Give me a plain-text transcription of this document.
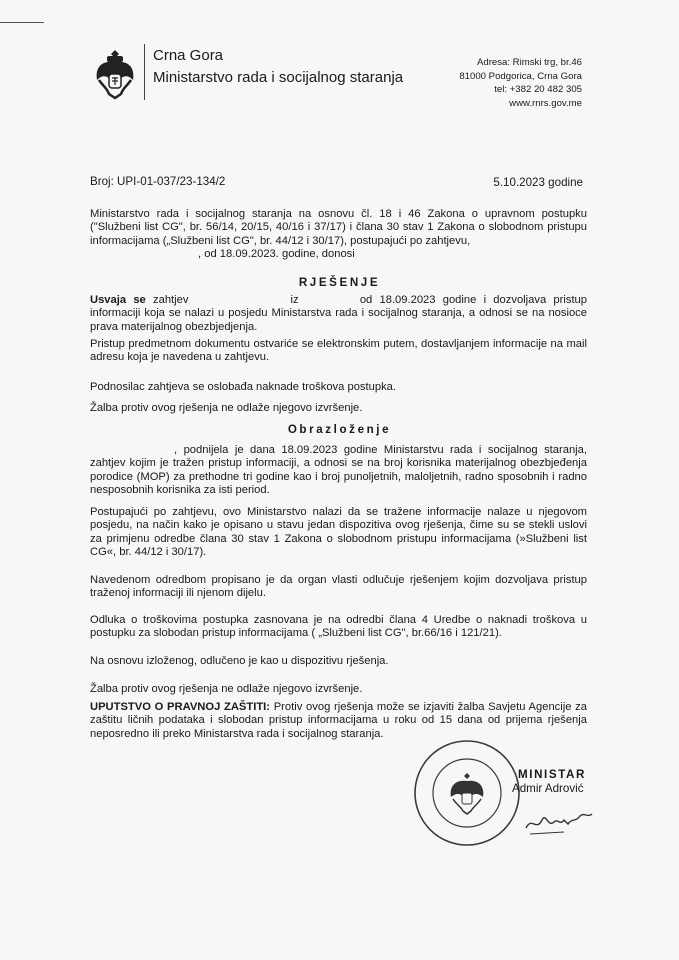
Crna Gora
Ministarstvo rada i socijalnog staranja
Adresa: Rimski trg, br.46
81000 Podgorica, Crna Gora
tel: +382 20 482 305
www.rnrs.gov.me
Broj: UPI-01-037/23-134/2	5.10.2023 godine
Ministarstvo rada i socijalnog staranja na osnovu čl. 18 i 46 Zakona o upravnom postupku ("Službeni list CG", br. 56/14, 20/15, 40/16 i 37/17) i člana 30 stav 1 Zakona o slobodnom pristupu informacijama („Službeni list CG", br. 44/12 i 30/17), postupajući po zahtjevu,
, od 18.09.2023. godine, donosi
RJEŠENJE
Usvaja se zahtjev	iz	od 18.09.2023 godine i dozvoljava pristup informaciji koja se nalazi u posjedu Ministarstva rada i socijalnog staranja, a odnosi se na nosioce prava materijalnog obezbjedjenja.
Pristup predmetnom dokumentu ostvariće se elektronskim putem, dostavljanjem informacije na mail adresu koja je navedena u zahtjevu.
Podnosilac zahtjeva se oslobađa naknade troškova postupka.
Žalba protiv ovog rješenja ne odlaže njegovo izvršenje.
Obrazloženje
, podnijela je dana 18.09.2023 godine Ministarstvu rada i socijalnog staranja, zahtjev kojim je tražen pristup informaciji, a odnosi se na broj korisnika materijalnog obezbjeđenja porodice (MOP) za prethodne tri godine kao i broj punoljetnih, maloljetnih, radno sposobnih i radno nesposobnih korisnika za isti period.
Postupajući po zahtjevu, ovo Ministarstvo nalazi da se tražene informacije nalaze u njegovom posjedu, na način kako je opisano u stavu jedan dispozitiva ovog rješenja, čime su se stekli uslovi za primjenu odredbe člana 30 stav 1 Zakona o slobodnom pristupu informacijama (»Službeni list CG«, br. 44/12 i 30/17).
Navedenom odredbom propisano je da organ vlasti odlučuje rješenjem kojim dozvoljava pristup traženoj informaciji ili njenom dijelu.
Odluka o troškovima postupka zasnovana je na odredbi člana 4 Uredbe o naknadi troškova u postupku za slobodan pristup informacijama ( „Službeni list CG", br.66/16 i 121/21).
Na osnovu izloženog, odlučeno je kao u dispozitivu rješenja.
Žalba protiv ovog rješenja ne odlaže njegovo izvršenje.
UPUTSTVO O PRAVNOJ ZAŠTITI: Protiv ovog rješenja može se izjaviti žalba Savjetu Agencije za zaštitu ličnih podataka i slobodan pristup informacijama u roku od 15 dana od prijema rješenja neposredno ili preko Ministarstva rada i socijalnog staranja.
MINISTAR
Admir Adrović
